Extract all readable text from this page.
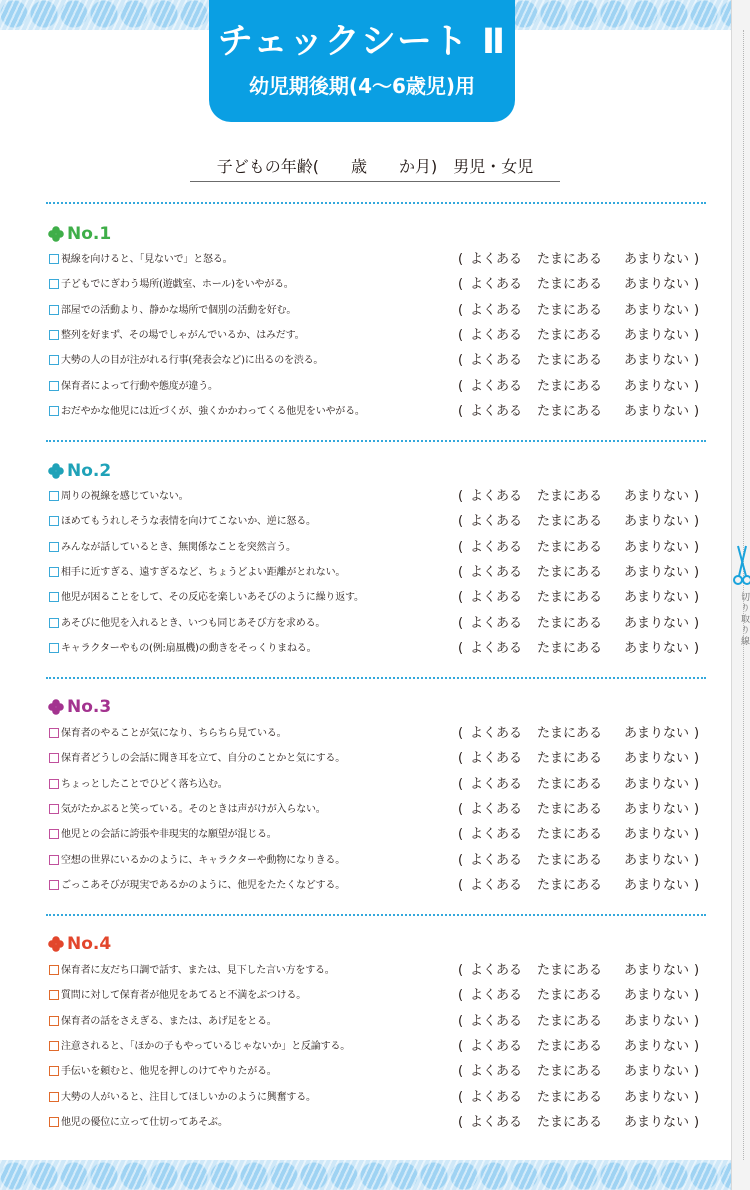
切り取り線
チェックシート Ⅱ
幼児期後期(4〜6歳児)用
子どもの年齢(　　歳　　か月)　男児・女児
No.1
視線を向けると、「見ないで」と怒る。	( よくある たまにある あまりない )
子どもでにぎわう場所(遊戯室、ホール)をいやがる。	( よくある たまにある あまりない )
部屋での活動より、静かな場所で個別の活動を好む。	( よくある たまにある あまりない )
整列を好まず、その場でしゃがんでいるか、はみだす。	( よくある たまにある あまりない )
大勢の人の目が注がれる行事(発表会など)に出るのを渋る。	( よくある たまにある あまりない )
保育者によって行動や態度が違う。	( よくある たまにある あまりない )
おだやかな他児には近づくが、強くかかわってくる他児をいやがる。	( よくある たまにある あまりない )
No.2
周りの視線を感じていない。	( よくある たまにある あまりない )
ほめてもうれしそうな表情を向けてこないか、逆に怒る。	( よくある たまにある あまりない )
みんなが話しているとき、無関係なことを突然言う。	( よくある たまにある あまりない )
相手に近すぎる、遠すぎるなど、ちょうどよい距離がとれない。	( よくある たまにある あまりない )
他児が困ることをして、その反応を楽しいあそびのように繰り返す。	( よくある たまにある あまりない )
あそびに他児を入れるとき、いつも同じあそび方を求める。	( よくある たまにある あまりない )
キャラクターやもの(例:扇風機)の動きをそっくりまねる。	( よくある たまにある あまりない )
No.3
保育者のやることが気になり、ちらちら見ている。	( よくある たまにある あまりない )
保育者どうしの会話に聞き耳を立て、自分のことかと気にする。	( よくある たまにある あまりない )
ちょっとしたことでひどく落ち込む。	( よくある たまにある あまりない )
気がたかぶると笑っている。そのときは声がけが入らない。	( よくある たまにある あまりない )
他児との会話に誇張や非現実的な願望が混じる。	( よくある たまにある あまりない )
空想の世界にいるかのように、キャラクターや動物になりきる。	( よくある たまにある あまりない )
ごっこあそびが現実であるかのように、他児をたたくなどする。	( よくある たまにある あまりない )
No.4
保育者に友だち口調で話す、または、見下した言い方をする。	( よくある たまにある あまりない )
質問に対して保育者が他児をあてると不満をぶつける。	( よくある たまにある あまりない )
保育者の話をさえぎる、または、あげ足をとる。	( よくある たまにある あまりない )
注意されると、「ほかの子もやっているじゃないか」と反論する。	( よくある たまにある あまりない )
手伝いを頼むと、他児を押しのけてやりたがる。	( よくある たまにある あまりない )
大勢の人がいると、注目してほしいかのように興奮する。	( よくある たまにある あまりない )
他児の優位に立って仕切ってあそぶ。	( よくある たまにある あまりない )
